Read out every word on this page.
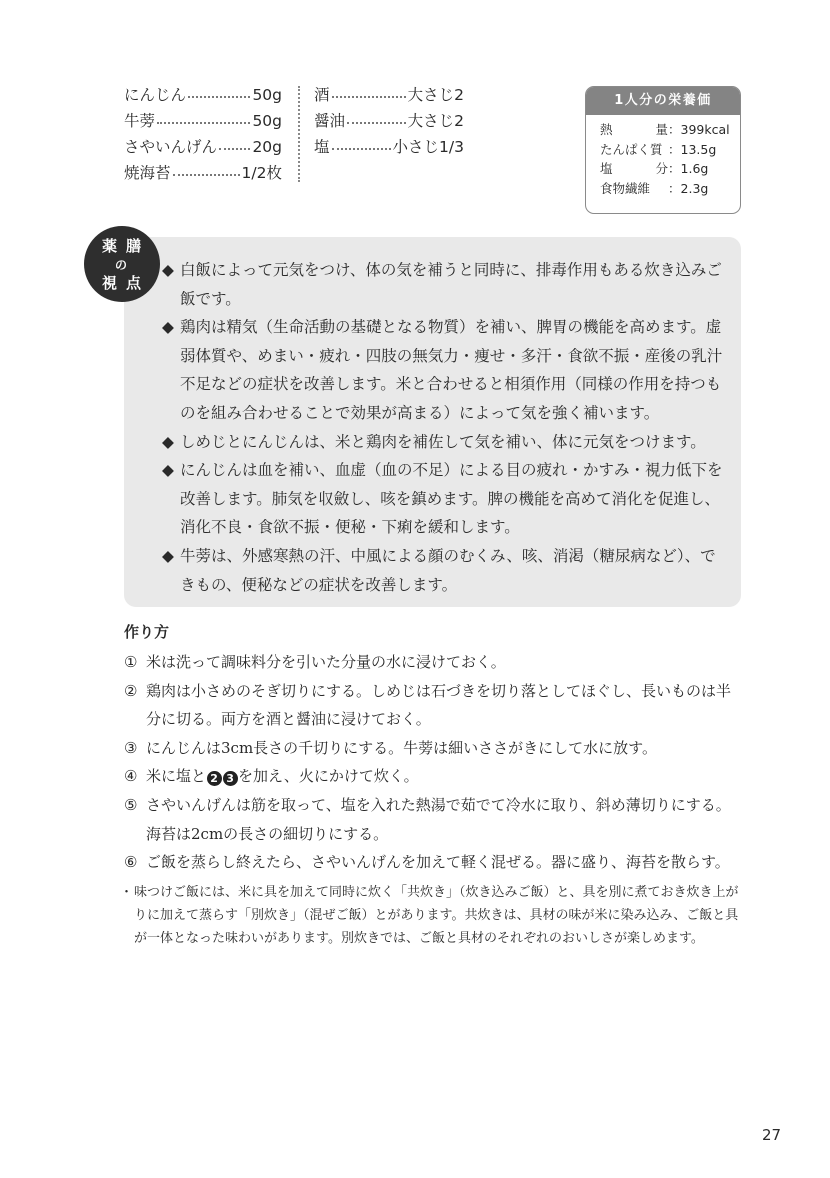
にんじん	50g
牛蒡	50g
さやいんげん 20g
焼海苔	1/2枚
酒	大さじ2
醤油	大さじ2
塩	小さじ1/3
1人分の栄養価
熱	量 ： 399kcal
たんぱく質 ： 13.5g
塩	分 ： 1.6g
食物繊維 ： 2.3g
薬 膳
の
視 点
◆ 白飯によって元気をつけ、体の気を補うと同時に、排毒作用もある炊き込みご飯です。
◆ 鶏肉は精気（生命活動の基礎となる物質）を補い、脾胃の機能を高めます。虚弱体質や、めまい・疲れ・四肢の無気力・痩せ・多汗・食欲不振・産後の乳汁不足などの症状を改善します。米と合わせると相須作用（同様の作用を持つものを組み合わせることで効果が高まる）によって気を強く補います。
◆ しめじとにんじんは、米と鶏肉を補佐して気を補い、体に元気をつけます。
◆ にんじんは血を補い、血虚（血の不足）による目の疲れ・かすみ・視力低下を改善します。肺気を収斂し、咳を鎮めます。脾の機能を高めて消化を促進し、消化不良・食欲不振・便秘・下痢を緩和します。
◆ 牛蒡は、外感寒熱の汗、中風による顔のむくみ、咳、消渇（糖尿病など）、できもの、便秘などの症状を改善します。
作り方
① 米は洗って調味料分を引いた分量の水に浸けておく。
② 鶏肉は小さめのそぎ切りにする。しめじは石づきを切り落としてほぐし、長いものは半分に切る。両方を酒と醤油に浸けておく。
③ にんじんは3cm長さの千切りにする。牛蒡は細いささがきにして水に放す。
④ 米に塩と 2 3 を加え、火にかけて炊く。
⑤ さやいんげんは筋を取って、塩を入れた熱湯で茹でて冷水に取り、斜め薄切りにする。海苔は2cmの長さの細切りにする。
⑥ ご飯を蒸らし終えたら、さやいんげんを加えて軽く混ぜる。器に盛り、海苔を散らす。

・ 味つけご飯には、米に具を加えて同時に炊く「共炊き」（炊き込みご飯）と、具を別に煮ておき炊き上がりに加えて蒸らす「別炊き」（混ぜご飯）とがあります。共炊きは、具材の味が米に染み込み、ご飯と具が一体となった味わいがあります。別炊きでは、ご飯と具材のそれぞれのおいしさが楽しめます。

27
